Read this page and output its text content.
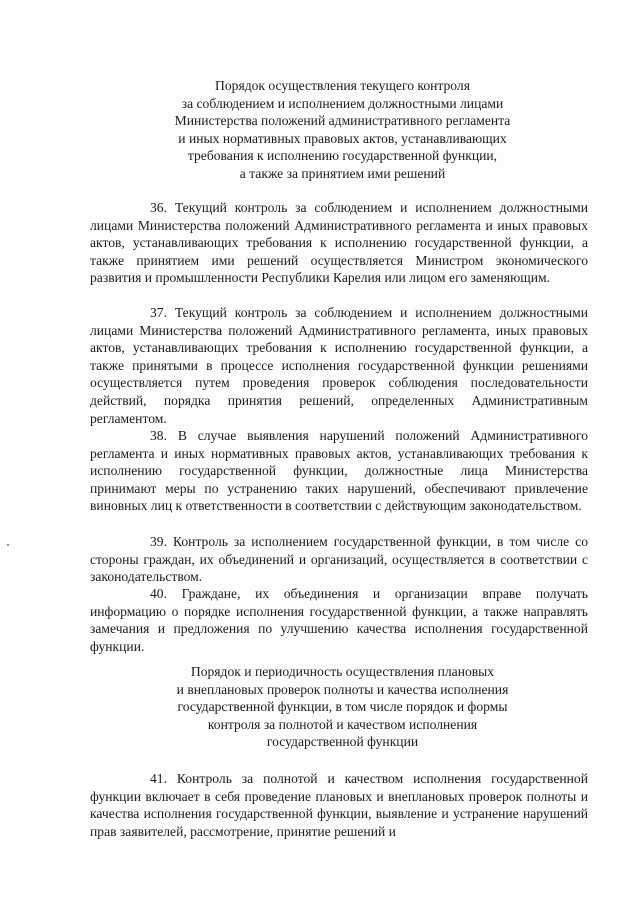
Порядок осуществления текущего контроля
за соблюдением и исполнением должностными лицами
Министерства положений административного регламента
и иных нормативных правовых актов, устанавливающих
требования к исполнению государственной функции,
а также за принятием ими решений
36. Текущий контроль за соблюдением и исполнением должностными лицами Министерства положений Административного регламента и иных правовых актов, устанавливающих требования к исполнению государственной функции, а также принятием ими решений осуществляется Министром экономического развития и промышленности Республики Карелия или лицом его заменяющим.
37. Текущий контроль за соблюдением и исполнением должностными лицами Министерства положений Административного регламента, иных правовых актов, устанавливающих требования к исполнению государственной функции, а также принятыми в процессе исполнения государственной функции решениями осуществляется путем проведения проверок соблюдения последовательности действий, порядка принятия решений, определенных Административным регламентом.
38. В случае выявления нарушений положений Административного регламента и иных нормативных правовых актов, устанавливающих требования к исполнению государственной функции, должностные лица Министерства принимают меры по устранению таких нарушений, обеспечивают привлечение виновных лиц к ответственности в соответствии с действующим законодательством.
39. Контроль за исполнением государственной функции, в том числе со стороны граждан, их объединений и организаций, осуществляется в соответствии с законодательством.
40. Граждане, их объединения и организации вправе получать информацию о порядке исполнения государственной функции, а также направлять замечания и предложения по улучшению качества исполнения государственной функции.
Порядок и периодичность осуществления плановых
и внеплановых проверок полноты и качества исполнения
государственной функции, в том числе порядок и формы
контроля за полнотой и качеством исполнения
государственной функции
41. Контроль за полнотой и качеством исполнения государственной функции включает в себя проведение плановых и внеплановых проверок полноты и качества исполнения государственной функции, выявление и устранение нарушений прав заявителей, рассмотрение, принятие решений и
